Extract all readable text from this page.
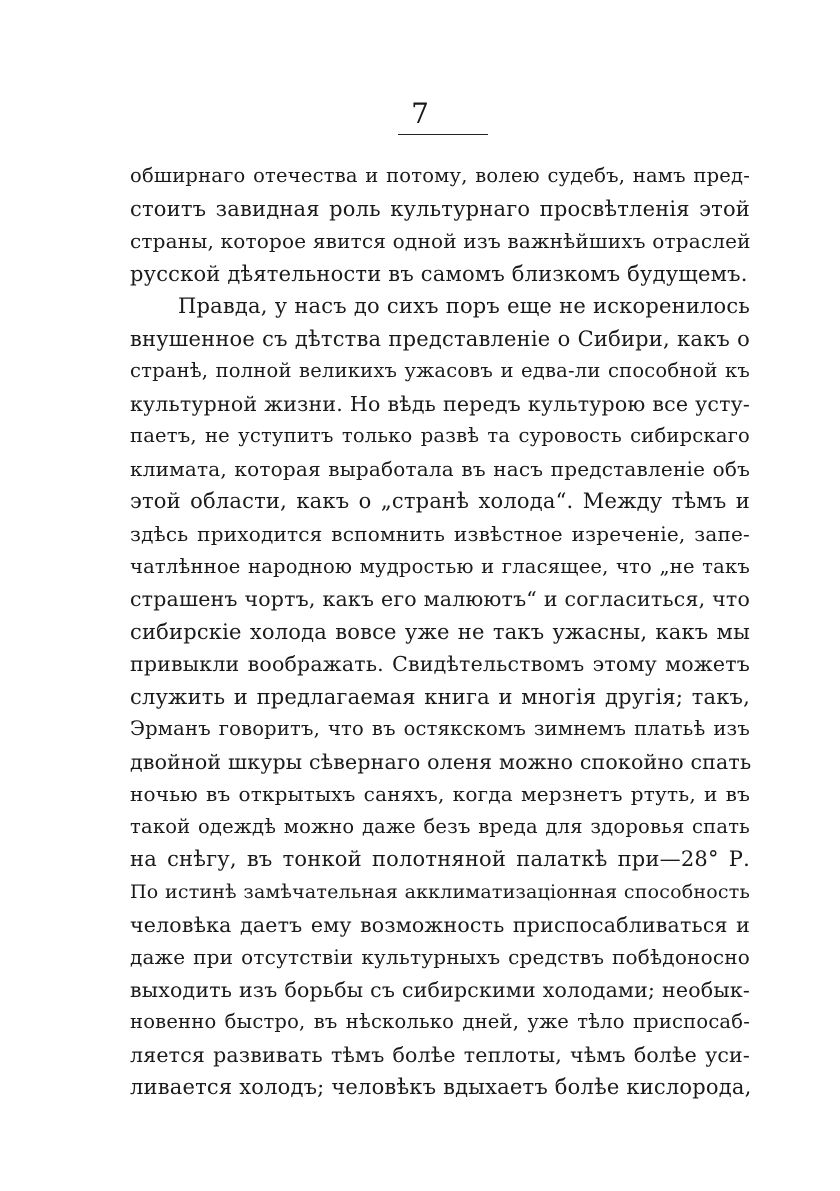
7
обширнаго отечества и потому, волею судебъ, намъ пред-
стоитъ завидная роль культурнаго просвѣтленія этой
страны, которое явится одной изъ важнѣйшихъ отраслей
русской дѣятельности въ самомъ близкомъ будущемъ.
Правда, у насъ до сихъ поръ еще не искоренилось
внушенное съ дѣтства представленіе о Сибири, какъ о
странѣ, полной великихъ ужасовъ и едва-ли способной къ
культурной жизни. Но вѣдь передъ культурою все усту-
паетъ, не уступитъ только развѣ та суровость сибирскаго
климата, которая выработала въ насъ представленіе объ
этой области, какъ о „странѣ холода“. Между тѣмъ и
здѣсь приходится вспомнить извѣстное изреченіе, запе-
чатлѣнное народною мудростью и гласящее, что „не такъ
страшенъ чортъ, какъ его малюютъ“ и согласиться, что
сибирскіе холода вовсе уже не такъ ужасны, какъ мы
привыкли воображать. Свидѣтельствомъ этому можетъ
служить и предлагаемая книга и многія другія; такъ,
Эрманъ говоритъ, что въ остякскомъ зимнемъ платьѣ изъ
двойной шкуры сѣвернаго оленя можно спокойно спать
ночью въ открытыхъ саняхъ, когда мерзнетъ ртуть, и въ
такой одеждѣ можно даже безъ вреда для здоровья спать
на снѣгу, въ тонкой полотняной палаткѣ при—28° Р.
По истинѣ замѣчательная акклиматизаціонная способность
человѣка даетъ ему возможность приспосабливаться и
даже при отсутствіи культурныхъ средствъ побѣдоносно
выходить изъ борьбы съ сибирскими холодами; необык-
новенно быстро, въ нѣсколько дней, уже тѣло приспосаб-
ляется развивать тѣмъ болѣе теплоты, чѣмъ болѣе уси-
ливается холодъ; человѣкъ вдыхаетъ болѣе кислорода,
